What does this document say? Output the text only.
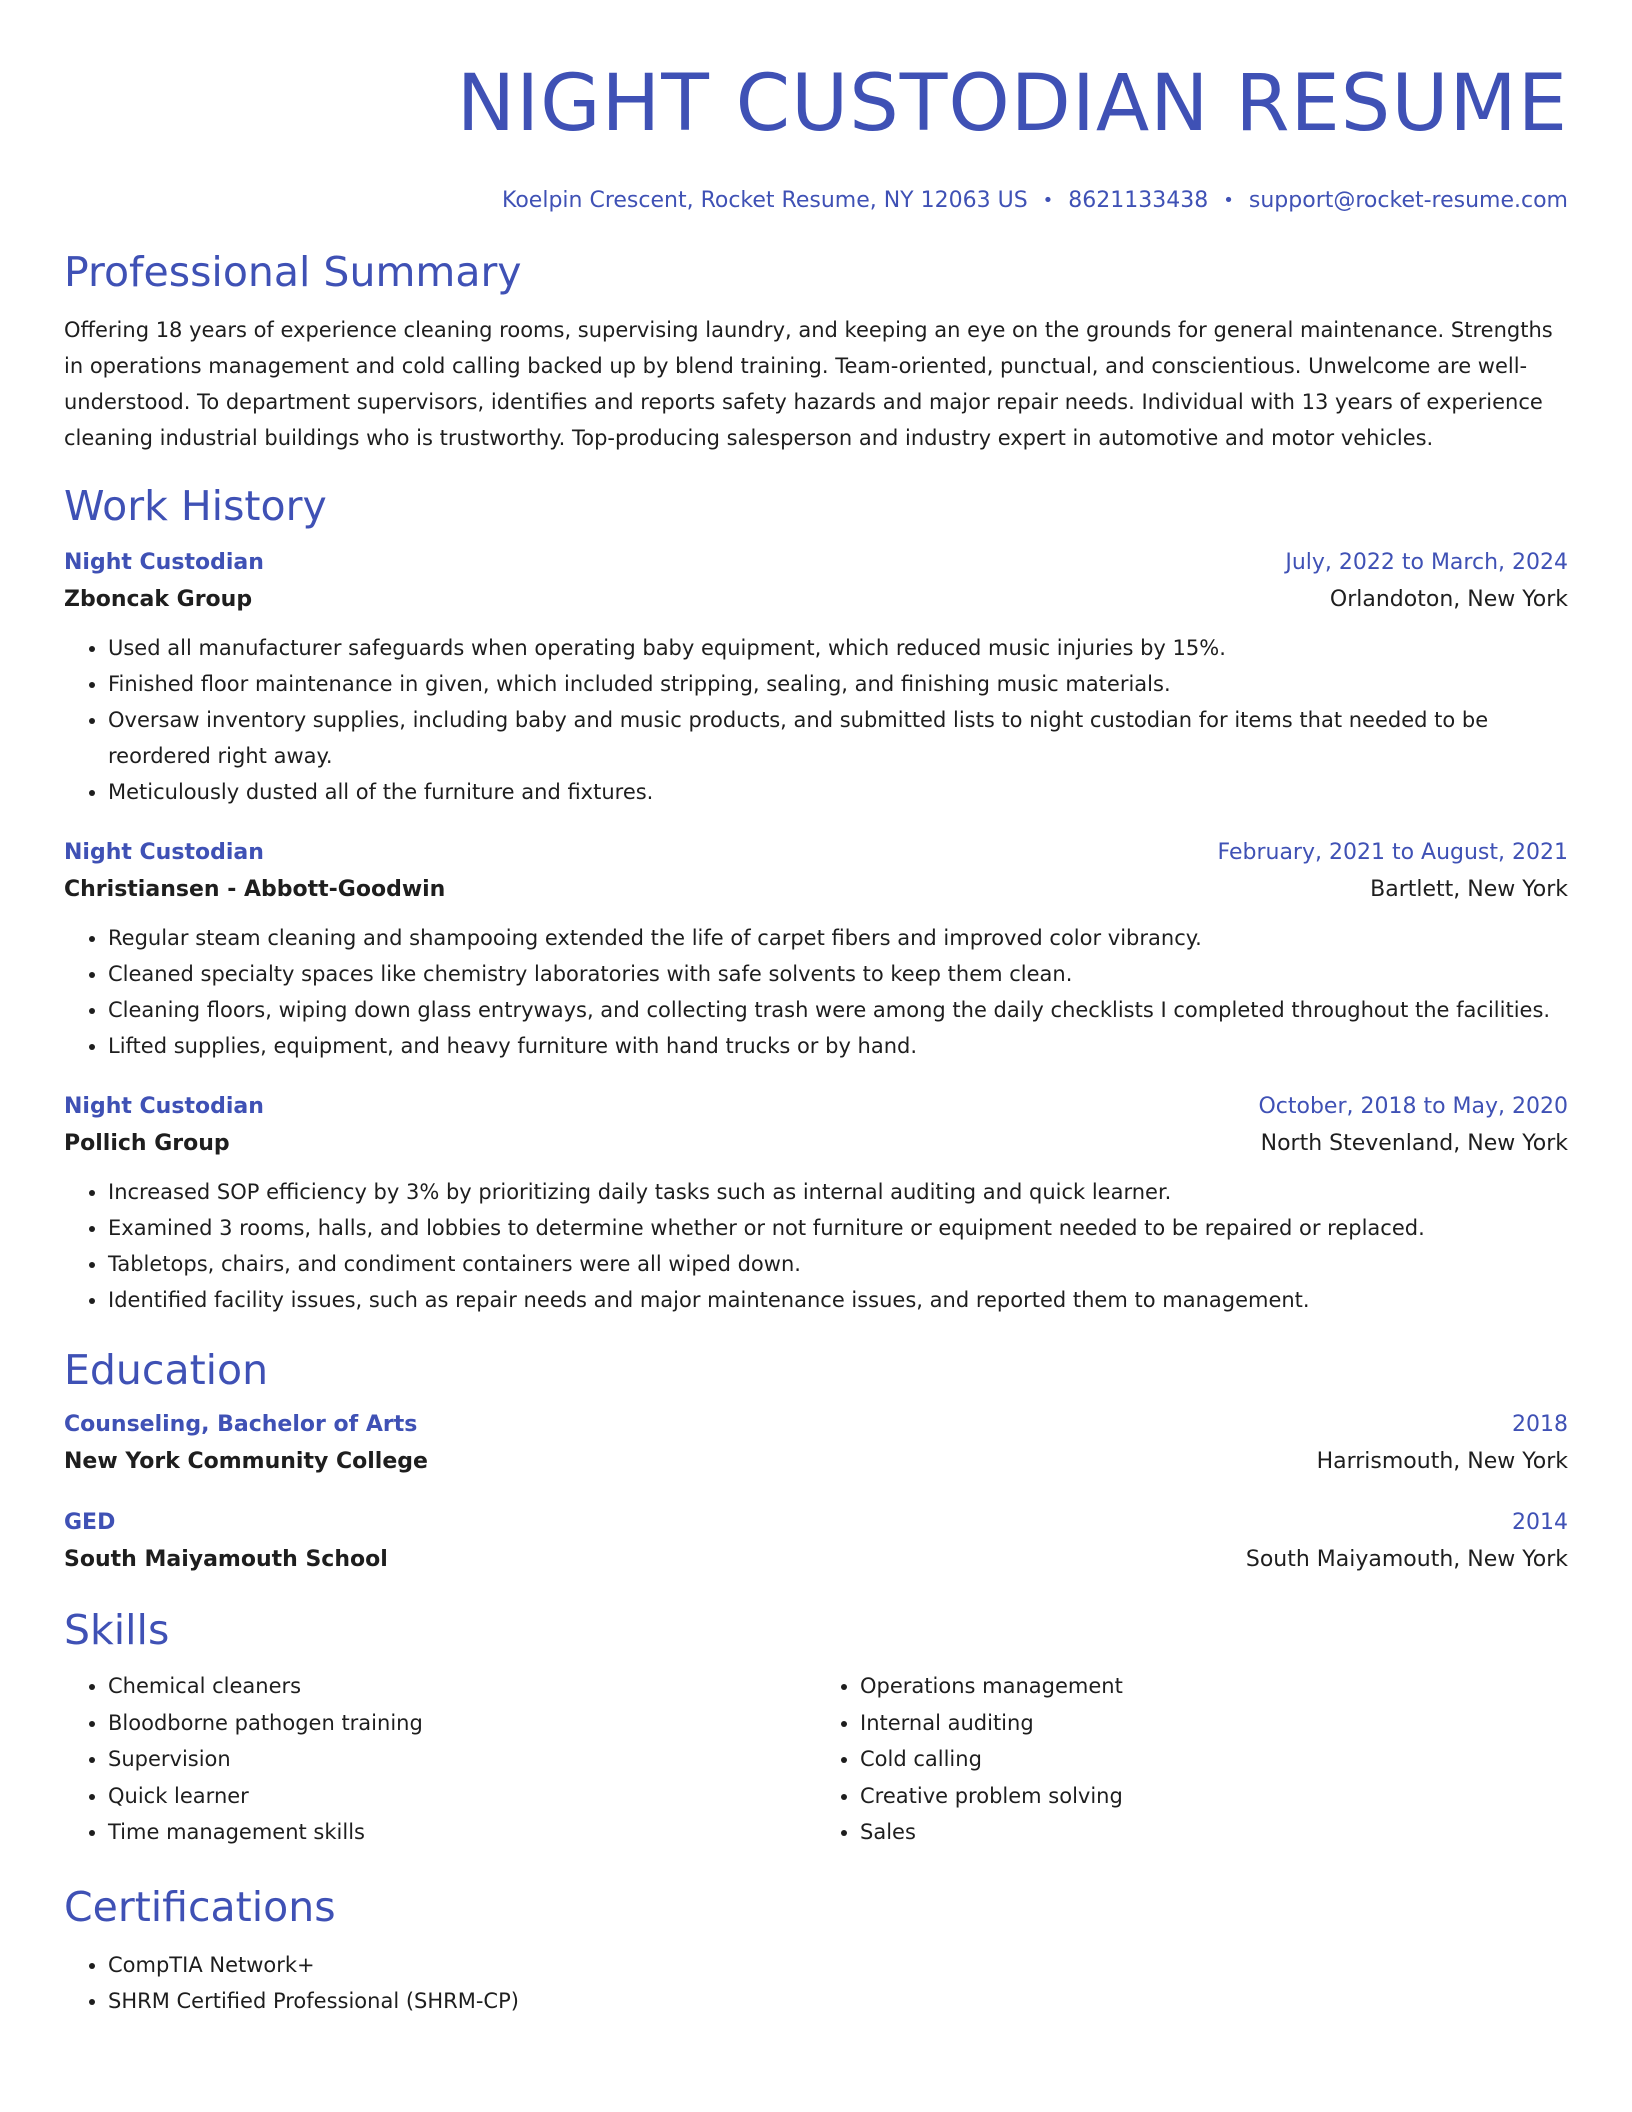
NIGHT CUSTODIAN RESUME
Koelpin Crescent, Rocket Resume, NY 12063 US • 8621133438 • support@rocket-resume.com
Professional Summary

Offering 18 years of experience cleaning rooms, supervising laundry, and keeping an eye on the grounds for general maintenance. Strengths in operations management and cold calling backed up by blend training. Team-oriented, punctual, and conscientious. Unwelcome are well-understood. To department supervisors, identifies and reports safety hazards and major repair needs. Individual with 13 years of experience cleaning industrial buildings who is trustworthy. Top-producing salesperson and industry expert in automotive and motor vehicles.

Work History
Night Custodian	July, 2022 to March, 2024
Zboncak Group	Orlandoton, New York
• Used all manufacturer safeguards when operating baby equipment, which reduced music injuries by 15%.
• Finished floor maintenance in given, which included stripping, sealing, and finishing music materials.
• Oversaw inventory supplies, including baby and music products, and submitted lists to night custodian for items that needed to be reordered right away.
• Meticulously dusted all of the furniture and fixtures.
Night Custodian	February, 2021 to August, 2021
Christiansen - Abbott-Goodwin	Bartlett, New York
• Regular steam cleaning and shampooing extended the life of carpet fibers and improved color vibrancy.
• Cleaned specialty spaces like chemistry laboratories with safe solvents to keep them clean.
• Cleaning floors, wiping down glass entryways, and collecting trash were among the daily checklists I completed throughout the facilities.
• Lifted supplies, equipment, and heavy furniture with hand trucks or by hand.
Night Custodian	October, 2018 to May, 2020
Pollich Group	North Stevenland, New York
• Increased SOP efficiency by 3% by prioritizing daily tasks such as internal auditing and quick learner.
• Examined 3 rooms, halls, and lobbies to determine whether or not furniture or equipment needed to be repaired or replaced.
• Tabletops, chairs, and condiment containers were all wiped down.
• Identified facility issues, such as repair needs and major maintenance issues, and reported them to management.
Education
Counseling, Bachelor of Arts	2018
New York Community College	Harrismouth, New York
GED	2014
South Maiyamouth School	South Maiyamouth, New York
Skills
• Chemical cleaners
• Bloodborne pathogen training
• Supervision
• Quick learner
• Time management skills
• Operations management
• Internal auditing
• Cold calling
• Creative problem solving
• Sales
Certifications
• CompTIA Network+
• SHRM Certified Professional (SHRM-CP)
